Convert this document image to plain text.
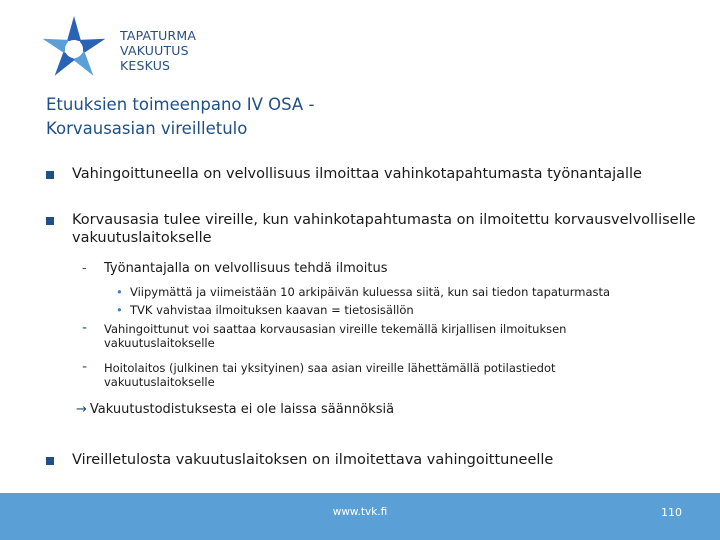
TAPATURMA
VAKUUTUS
KESKUS
Etuuksien toimeenpano IV OSA -
Korvausasian vireilletulo
Vahingoittuneella on velvollisuus ilmoittaa vahinkotapahtumasta työnantajalle
Korvausasia tulee vireille, kun vahinkotapahtumasta on ilmoitettu korvausvelvolliselle vakuutuslaitokselle
- Työnantajalla on velvollisuus tehdä ilmoitus
• Viipymättä ja viimeistään 10 arkipäivän kuluessa siitä, kun sai tiedon tapaturmasta
• TVK vahvistaa ilmoituksen kaavan = tietosisällön
- Vahingoittunut voi saattaa korvausasian vireille tekemällä kirjallisen ilmoituksen vakuutuslaitokselle
- Hoitolaitos (julkinen tai yksityinen) saa asian vireille lähettämällä potilastiedot vakuutuslaitokselle
→ Vakuutustodistuksesta ei ole laissa säännöksiä
Vireilletulosta vakuutuslaitoksen on ilmoitettava vahingoittuneelle
www.tvk.fi	110
